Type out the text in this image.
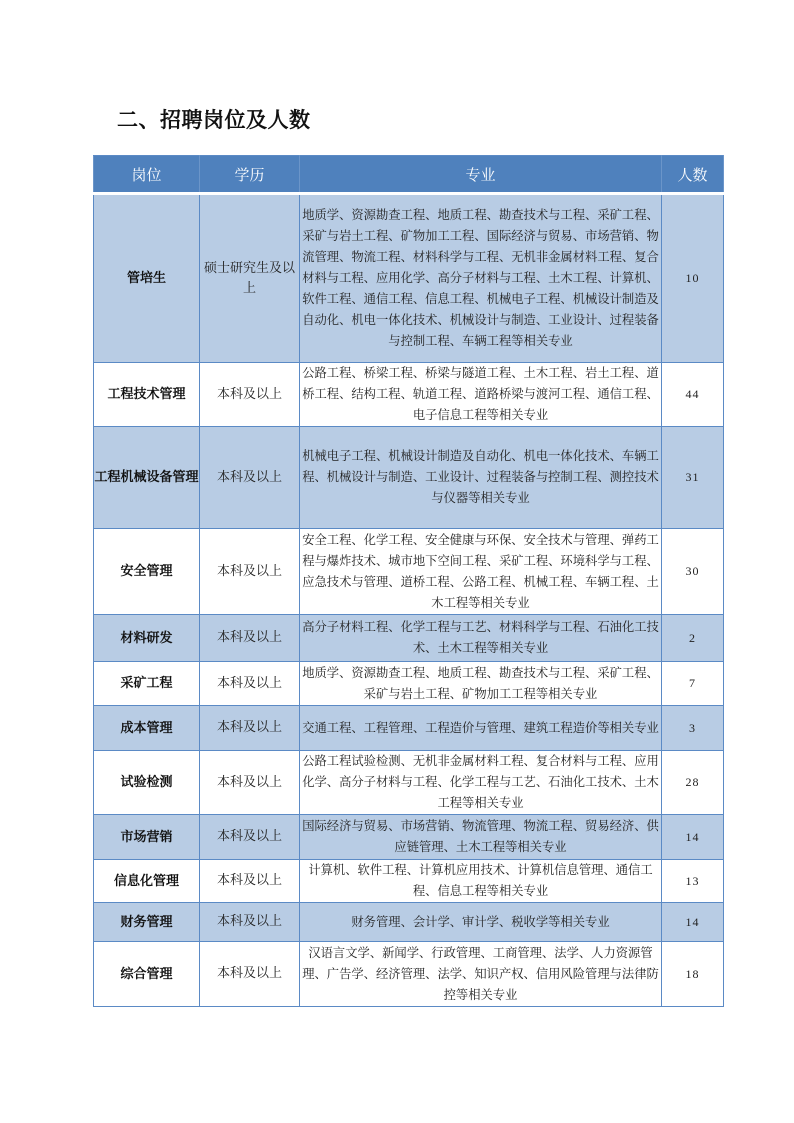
二、招聘岗位及人数
岗位	学历	专业	人数
管培生	硕士研究生及以上	地质学、资源勘查工程、地质工程、勘查技术与工程、采矿工程、采矿与岩土工程、矿物加工工程、国际经济与贸易、市场营销、物流管理、物流工程、材料科学与工程、无机非金属材料工程、复合材料与工程、应用化学、高分子材料与工程、土木工程、计算机、软件工程、通信工程、信息工程、机械电子工程、机械设计制造及自动化、机电一体化技术、机械设计与制造、工业设计、过程装备与控制工程、车辆工程等相关专业	10
工程技术管理	本科及以上	公路工程、桥梁工程、桥梁与隧道工程、土木工程、岩土工程、道桥工程、结构工程、轨道工程、道路桥梁与渡河工程、通信工程、电子信息工程等相关专业	44
工程机械设备管理	本科及以上	机械电子工程、机械设计制造及自动化、机电一体化技术、车辆工程、机械设计与制造、工业设计、过程装备与控制工程、测控技术与仪器等相关专业	31
安全管理	本科及以上	安全工程、化学工程、安全健康与环保、安全技术与管理、弹药工程与爆炸技术、城市地下空间工程、采矿工程、环境科学与工程、应急技术与管理、道桥工程、公路工程、机械工程、车辆工程、土木工程等相关专业	30
材料研发	本科及以上	高分子材料工程、化学工程与工艺、材料科学与工程、石油化工技术、土木工程等相关专业	2
采矿工程	本科及以上	地质学、资源勘查工程、地质工程、勘查技术与工程、采矿工程、采矿与岩土工程、矿物加工工程等相关专业	7
成本管理	本科及以上	交通工程、工程管理、工程造价与管理、建筑工程造价等相关专业	3
试验检测	本科及以上	公路工程试验检测、无机非金属材料工程、复合材料与工程、应用化学、高分子材料与工程、化学工程与工艺、石油化工技术、土木工程等相关专业	28
市场营销	本科及以上	国际经济与贸易、市场营销、物流管理、物流工程、贸易经济、供应链管理、土木工程等相关专业	14
信息化管理	本科及以上	计算机、软件工程、计算机应用技术、计算机信息管理、通信工程、信息工程等相关专业	13
财务管理	本科及以上	财务管理、会计学、审计学、税收学等相关专业	14
综合管理	本科及以上	汉语言文学、新闻学、行政管理、工商管理、法学、人力资源管理、广告学、经济管理、法学、知识产权、信用风险管理与法律防控等相关专业	18
